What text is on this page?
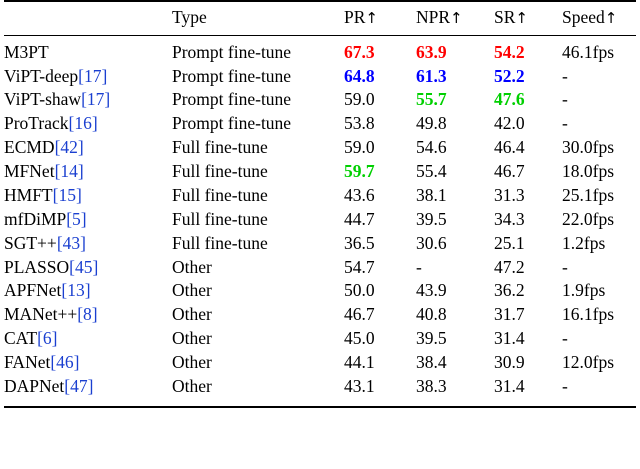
	Type	PR↑	NPR↑	SR↑	Speed↑

M3PT	Prompt fine-tune	67.3	63.9	54.2	46.1fps
ViPT-deep[17]	Prompt fine-tune	64.8	61.3	52.2	-
ViPT-shaw[17]	Prompt fine-tune	59.0	55.7	47.6	-
ProTrack[16]	Prompt fine-tune	53.8	49.8	42.0	-
ECMD[42]	Full fine-tune	59.0	54.6	46.4	30.0fps
MFNet[14]	Full fine-tune	59.7	55.4	46.7	18.0fps
HMFT[15]	Full fine-tune	43.6	38.1	31.3	25.1fps
mfDiMP[5]	Full fine-tune	44.7	39.5	34.3	22.0fps
SGT++[43]	Full fine-tune	36.5	30.6	25.1	1.2fps
PLASSO[45]	Other	54.7	-	47.2	-
APFNet[13]	Other	50.0	43.9	36.2	1.9fps
MANet++[8]	Other	46.7	40.8	31.7	16.1fps
CAT[6]	Other	45.0	39.5	31.4	-
FANet[46]	Other	44.1	38.4	30.9	12.0fps
DAPNet[47]	Other	43.1	38.3	31.4	-
